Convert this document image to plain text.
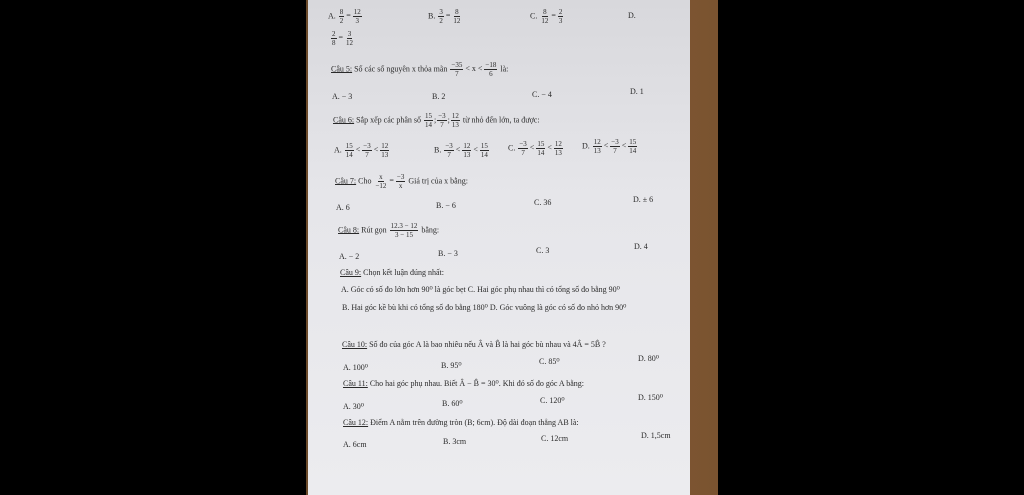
A. $\frac{8}{2} = \frac{12}{3}$	B. $\frac{3}{2} = \frac{8}{12}$	C. $\frac{8}{12} = \frac{2}{3}$	D.
$\frac{2}{8} = \frac{3}{12}$
Câu 5: Số các số nguyên x thỏa mãn $\frac{-35}{7} < x < \frac{-18}{6}$ là:
A. − 3	B. 2	C. − 4	D. 1
Câu 6: Sắp xếp các phân số $\frac{15}{14}$ ; $\frac{-3}{7}$ ; $\frac{12}{13}$ từ nhỏ đến lớn, ta được:
A. $\frac{15}{14} < \frac{-3}{7} < \frac{12}{13}$	B. $\frac{-3}{7} < \frac{12}{13} < \frac{15}{14} C$. $\frac{-3}{7} < \frac{15}{14} < \frac{12}{13} D$. $\frac{12}{13} < \frac{-3}{7} < \frac{15}{14}$
Câu 7: Cho $\frac{x}{-12} = \frac{-3}{x}$ Giá trị của x bằng:
A. 6	B. − 6	C. 36	D. ± 6
Câu 8: Rút gọn $\frac{12.3 - 12}{3 - 15}$ bằng:
A. − 2	B. − 3	C. 3	D. 4
Câu 9: Chọn kết luận đúng nhất:
A. Góc có số đo lớn hơn 90⁰ là góc bẹt C. Hai góc phụ nhau thì có tổng số đo bằng 90⁰
B. Hai góc kề bù khi có tổng số đo bằng 180⁰ D. Góc vuông là góc có số đo nhỏ hơn 90⁰
Câu 10: Số đo của góc A là bao nhiêu nếu Â và B̂ là hai góc bù nhau và 4Â = 5B̂ ?
A. 100⁰	B. 95⁰	C. 85⁰	D. 80⁰
Câu 11: Cho hai góc phụ nhau. Biết Â − B̂ = 30⁰. Khi đó số đo góc A bằng:
A. 30⁰	B. 60⁰	C. 120⁰	D. 150⁰
Câu 12: Điểm A nằm trên đường tròn (B; 6cm). Độ dài đoạn thẳng AB là:
A. 6cm	B. 3cm	C. 12cm	D. 1,5cm
